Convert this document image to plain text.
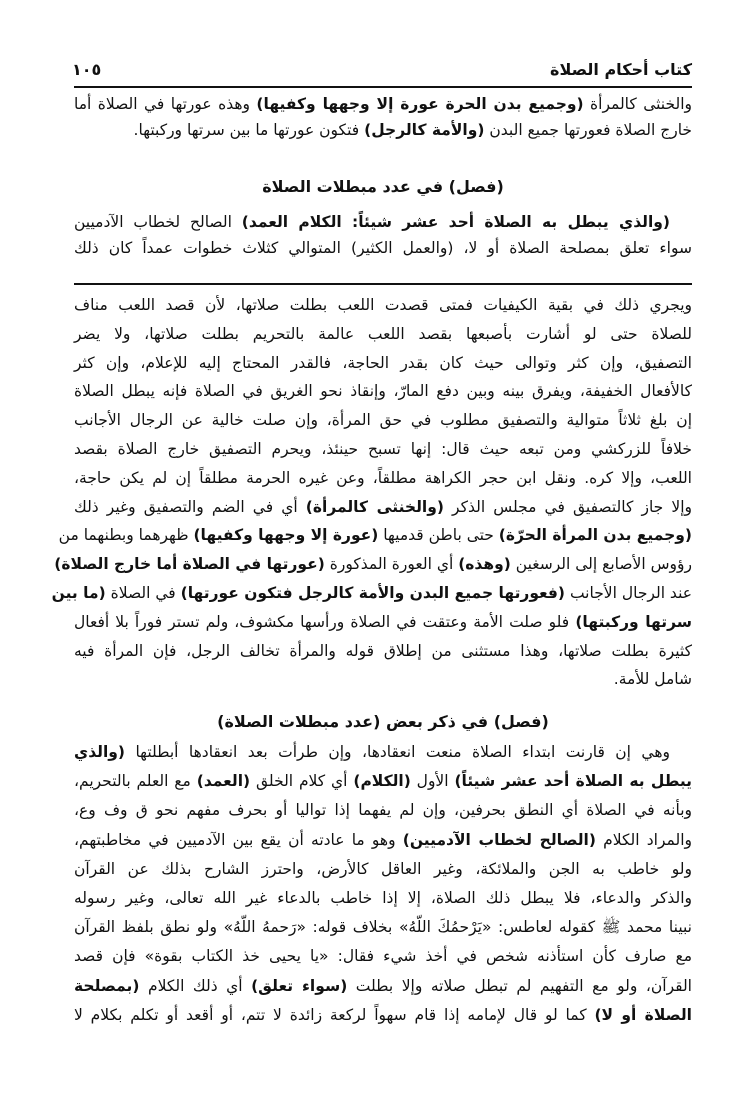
كتاب أحكام الصلاة
١٠٥
والخنثى كالمرأة (وجميع بدن الحرة عورة إلا وجهها وكفيها) وهذه عورتها في الصلاة أما
خارج الصلاة فعورتها جميع البدن (والأمة كالرجل) فتكون عورتها ما بين سرتها وركبتها.
(فصل) في عدد مبطلات الصلاة
(والذي يبطل به الصلاة أحد عشر شيئاً: الكلام العمد) الصالح لخطاب الآدميين
سواء تعلق بمصلحة الصلاة أو لا، (والعمل الكثير) المتوالي كثلاث خطوات عمداً كان ذلك
ويجري ذلك في بقية الكيفيات فمتى قصدت اللعب بطلت صلاتها، لأن قصد اللعب مناف
للصلاة حتى لو أشارت بأصبعها بقصد اللعب عالمة بالتحريم بطلت صلاتها، ولا يضر
التصفيق، وإن كثر وتوالى حيث كان بقدر الحاجة، فالقدر المحتاج إليه للإعلام، وإن كثر
كالأفعال الخفيفة، ويفرق بينه وبين دفع المارّ، وإنقاذ نحو الغريق في الصلاة فإنه يبطل الصلاة
إن بلغ ثلاثاً متوالية والتصفيق مطلوب في حق المرأة، وإن صلت خالية عن الرجال الأجانب
خلافاً للزركشي ومن تبعه حيث قال: إنها تسبح حينئذ، ويحرم التصفيق خارج الصلاة بقصد
اللعب، وإلا كره. ونقل ابن حجر الكراهة مطلقاً، وعن غيره الحرمة مطلقاً إن لم يكن حاجة،
وإلا جاز كالتصفيق في مجلس الذكر (والخنثى كالمرأة) أي في الضم والتصفيق وغير ذلك
(وجميع بدن المرأة الحرّة) حتى باطن قدميها (عورة إلا وجهها وكفيها) ظهرهما وبطنهما من
رؤوس الأصابع إلى الرسغين (وهذه) أي العورة المذكورة (عورتها في الصلاة أما خارج الصلاة)
عند الرجال الأجانب (فعورتها جميع البدن والأمة كالرجل فتكون عورتها) في الصلاة (ما بين
سرتها وركبتها) فلو صلت الأمة وعتقت في الصلاة ورأسها مكشوف، ولم تستر فوراً بلا أفعال
كثيرة بطلت صلاتها، وهذا مستثنى من إطلاق قوله والمرأة تخالف الرجل، فإن المرأة فيه
شامل للأمة.
(فصل) في ذكر بعض (عدد مبطلات الصلاة)
وهي إن قارنت ابتداء الصلاة منعت انعقادها، وإن طرأت بعد انعقادها أبطلتها (والذي
يبطل به الصلاة أحد عشر شيئاً) الأول (الكلام) أي كلام الخلق (العمد) مع العلم بالتحريم،
وبأنه في الصلاة أي النطق بحرفين، وإن لم يفهما إذا تواليا أو بحرف مفهم نحو ق وف وع،
والمراد الكلام (الصالح لخطاب الآدميين) وهو ما عادته أن يقع بين الآدميين في مخاطبتهم،
ولو خاطب به الجن والملائكة، وغير العاقل كالأرض، واحترز الشارح بذلك عن القرآن
والذكر والدعاء، فلا يبطل ذلك الصلاة، إلا إذا خاطب بالدعاء غير الله تعالى، وغير رسوله
نبينا محمد ﷺ كقوله لعاطس: «يَرْحمُكَ اللّهُ» بخلاف قوله: «رَحمهُ اللّهُ» ولو نطق بلفظ القرآن
مع صارف كأن استأذنه شخص في أخذ شيء فقال: «يا يحيى خذ الكتاب بقوة» فإن قصد
القرآن، ولو مع التفهيم لم تبطل صلاته وإلا بطلت (سواء تعلق) أي ذلك الكلام (بمصلحة
الصلاة أو لا) كما لو قال لإمامه إذا قام سهواً لركعة زائدة لا تتم، أو أقعد أو تكلم بكلام لا
